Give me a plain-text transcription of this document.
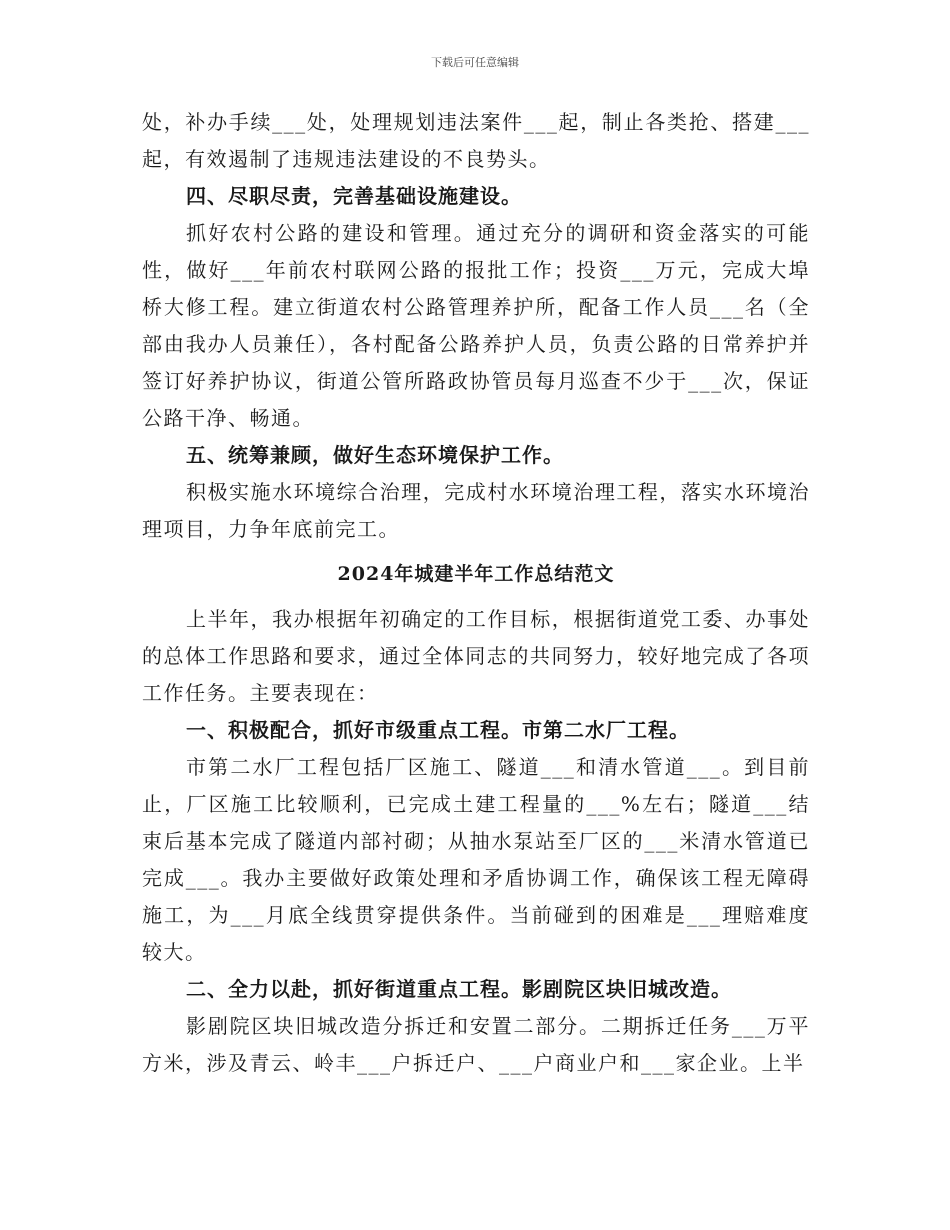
下载后可任意编辑

处，补办手续___处，处理规划违法案件___起，制止各类抢、搭建___起，有效遏制了违规违法建设的不良势头。

四、尽职尽责，完善基础设施建设。

抓好农村公路的建设和管理。通过充分的调研和资金落实的可能性，做好___年前农村联网公路的报批工作；投资___万元，完成大埠桥大修工程。建立街道农村公路管理养护所，配备工作人员___名（全部由我办人员兼任），各村配备公路养护人员，负责公路的日常养护并签订好养护协议，街道公管所路政协管员每月巡查不少于___次，保证公路干净、畅通。

五、统筹兼顾，做好生态环境保护工作。

积极实施水环境综合治理，完成村水环境治理工程，落实水环境治理项目，力争年底前完工。

2024年城建半年工作总结范文

上半年，我办根据年初确定的工作目标，根据街道党工委、办事处的总体工作思路和要求，通过全体同志的共同努力，较好地完成了各项工作任务。主要表现在：

一、积极配合，抓好市级重点工程。市第二水厂工程。

市第二水厂工程包括厂区施工、隧道___和清水管道___。到目前止，厂区施工比较顺利，已完成土建工程量的___%左右；隧道___结束后基本完成了隧道内部衬砌；从抽水泵站至厂区的___米清水管道已完成___。我办主要做好政策处理和矛盾协调工作，确保该工程无障碍施工，为___月底全线贯穿提供条件。当前碰到的困难是___理赔难度较大。

二、全力以赴，抓好街道重点工程。影剧院区块旧城改造。

影剧院区块旧城改造分拆迁和安置二部分。二期拆迁任务___万平方米，涉及青云、岭丰___户拆迁户、___户商业户和___家企业。上半
